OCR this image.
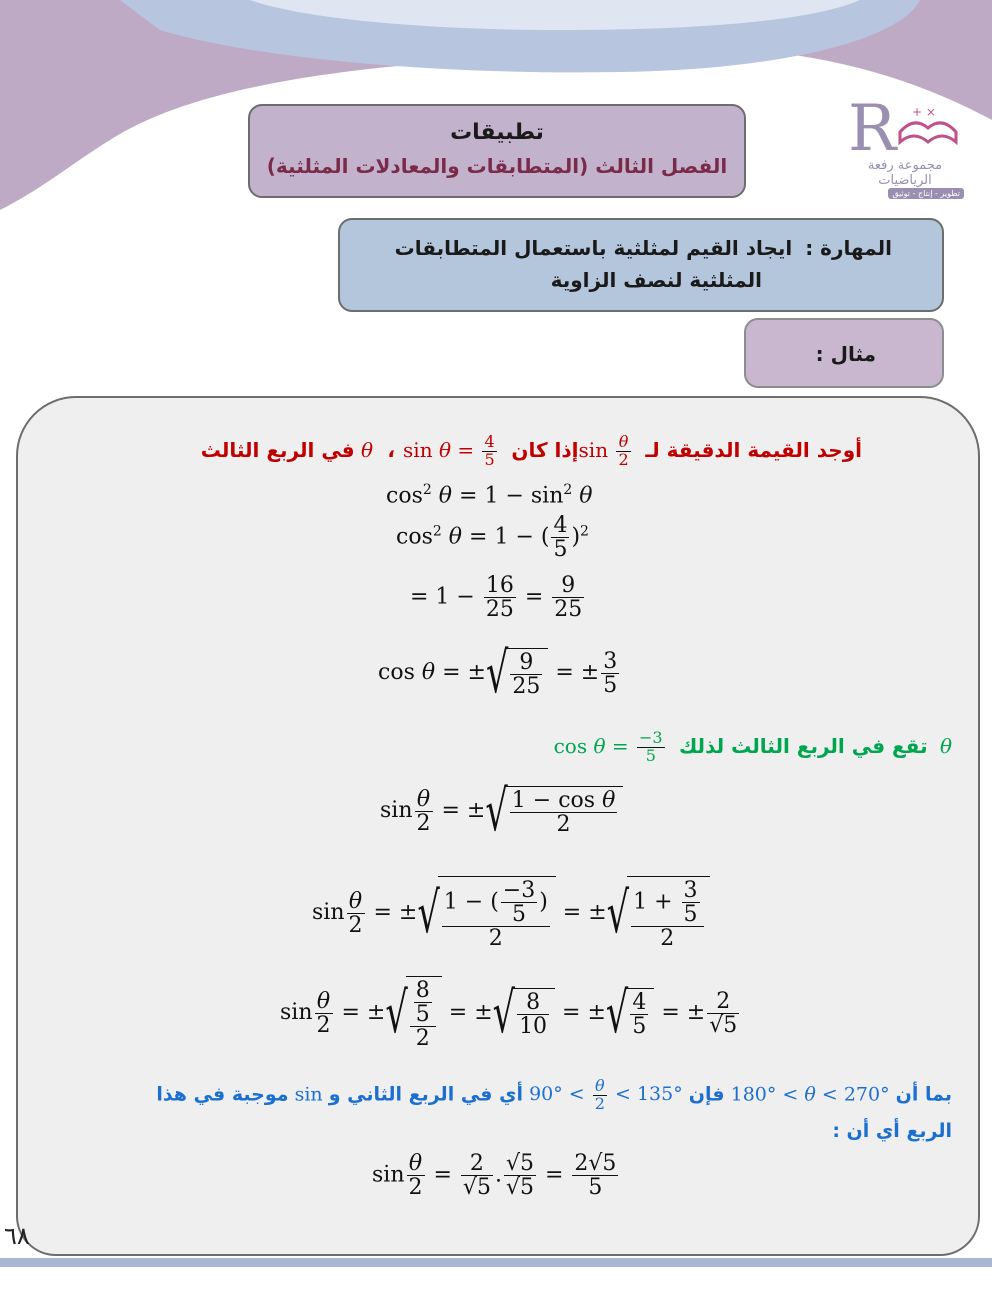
تطبيقات
الفصل الثالث (المتطابقات والمعادلات المثلثية) R + ×
مجموعة رفعة الرياضيات
تطوير - إنتاج - توثيق
المهارة : ايجاد القيم لمثلثية باستعمال المتطابقات
المثلثية لنصف الزاوية
مثال :
أوجد القيمة الدقيقة لـ $\sin \frac{\theta}{2}$
إذا كان $\sin \theta = \frac{4}{5}$
، θ في الربع الثالث
$\cos^2 \theta = 1 - \sin^2 \theta$
$\cos^2 \theta = 1$ − ( $\frac{4}{5} )^2$
= $1 - \frac{16}{25} = \frac{9}{25}$
cos θ = ±√ $\frac{9}{25}$ = ± $\frac{3}{5}$
θ تقع في الربع الثالث لذلك $\cos \theta = \frac{-3}{5}$
$\sin \frac{\theta}{2}$ = ±√ $\frac{\text{1 − cos θ}}{2}$
$\sin \frac{\theta}{2}$ = ±√ $\frac{1 - ( \frac{-3}{5} )}{2}$ = ±√ $\frac{1 + \frac{3}{5}}{2}$
$\sin \frac{\theta}{2}$ = ±√ $\frac{\frac{8}{5}}{2}$ = ±√ $\frac{8}{10}$ = ±√ $\frac{4}{5}$ = ± $\frac{2}{√5}$
بما أن 180° < θ < 270° فإن $90^\circ < \frac{\theta}{2} < 135^\circ$ أي في الربع الثاني و sin موجبة في هذا
الربع أي أن :
$\sin \frac{\theta}{2} = \frac{2}{√5}$ . $\frac{√5}{√5} = \frac{2√5}{5}$
٦٨
